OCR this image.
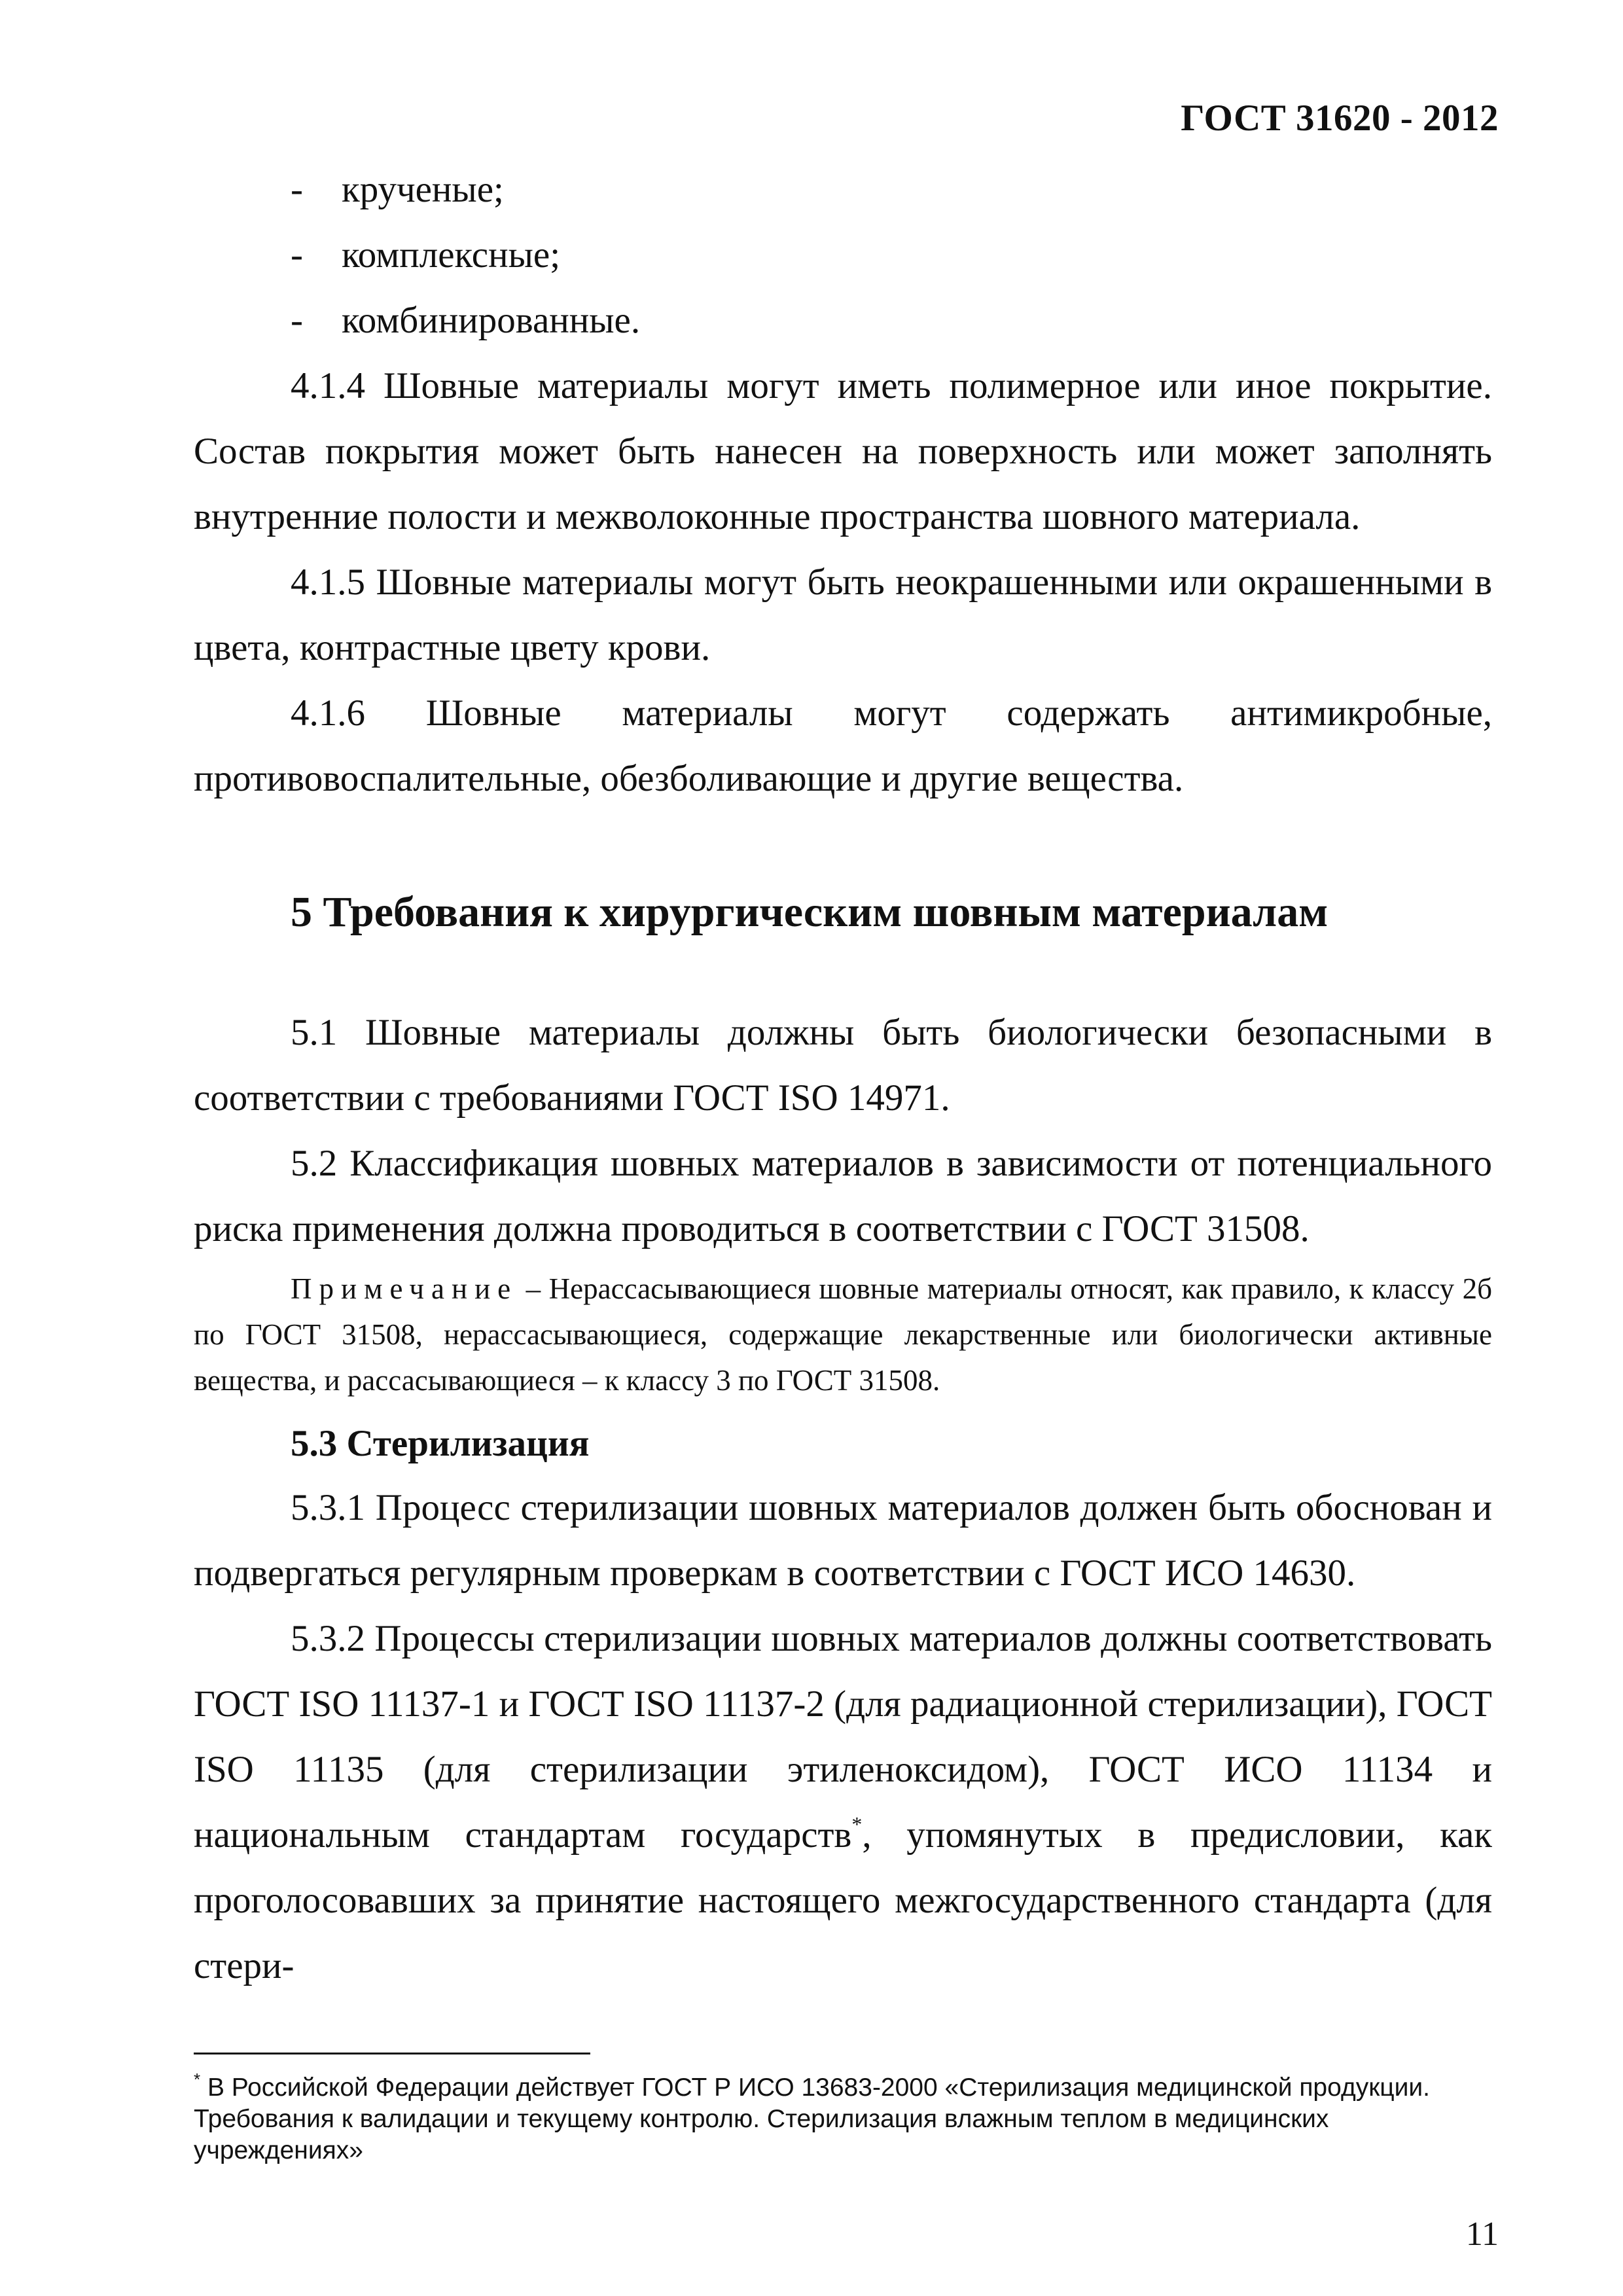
ГОСТ 31620 - 2012
- крученые;
- комплексные;
- комбинированные.

4.1.4 Шовные материалы могут иметь полимерное или иное покрытие. Состав покрытия может быть нанесен на поверхность или может заполнять внутренние полости и межволоконные пространства шовного материала.

4.1.5 Шовные материалы могут быть неокрашенными или окрашенными в цвета, контрастные цвету крови.

4.1.6 Шовные материалы могут содержать антимикробные, противовоспалительные, обезболивающие и другие вещества.

5 Требования к хирургическим шовным материалам

5.1 Шовные материалы должны быть биологически безопасными в соответствии с требованиями ГОСТ ISO 14971.

5.2 Классификация шовных материалов в зависимости от потенциального риска применения должна проводиться в соответствии с ГОСТ 31508.

Примечание – Нерассасывающиеся шовные материалы относят, как правило, к классу 2б по ГОСТ 31508, нерассасывающиеся, содержащие лекарственные или биологически активные вещества, и рассасывающиеся – к классу 3 по ГОСТ 31508.

5.3 Стерилизация

5.3.1 Процесс стерилизации шовных материалов должен быть обоснован и подвергаться регулярным проверкам в соответствии с ГОСТ ИСО 14630.

5.3.2 Процессы стерилизации шовных материалов должны соответствовать ГОСТ ISO 11137-1 и ГОСТ ISO 11137-2 (для радиационной стерилизации), ГОСТ ISO 11135 (для стерилизации этиленоксидом), ГОСТ ИСО 11134 и национальным стандартам государств*, упомянутых в предисловии, как проголосовавших за принятие настоящего межгосударственного стандарта (для стери-

* В Российской Федерации действует ГОСТ Р ИСО 13683-2000 «Стерилизация медицинской продукции. Требования к валидации и текущему контролю. Стерилизация влажным теплом в медицинских учреждениях»
11
